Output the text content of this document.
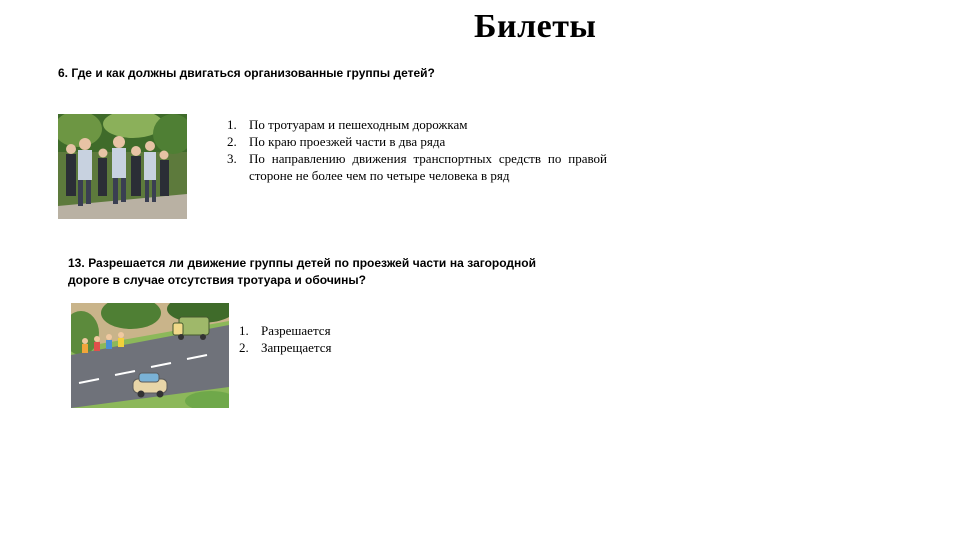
Билеты
6. Где и как должны двигаться организованные группы детей?
1. По тротуарам и пешеходным дорожкам
2. По краю проезжей части в два ряда
3. По направлению движения транспортных средств по правой стороне не более чем по четыре человека в ряд
13. Разрешается ли движение группы детей по проезжей части на загородной дороге в случае отсутствия тротуара и обочины?
1. Разрешается
2. Запрещается
